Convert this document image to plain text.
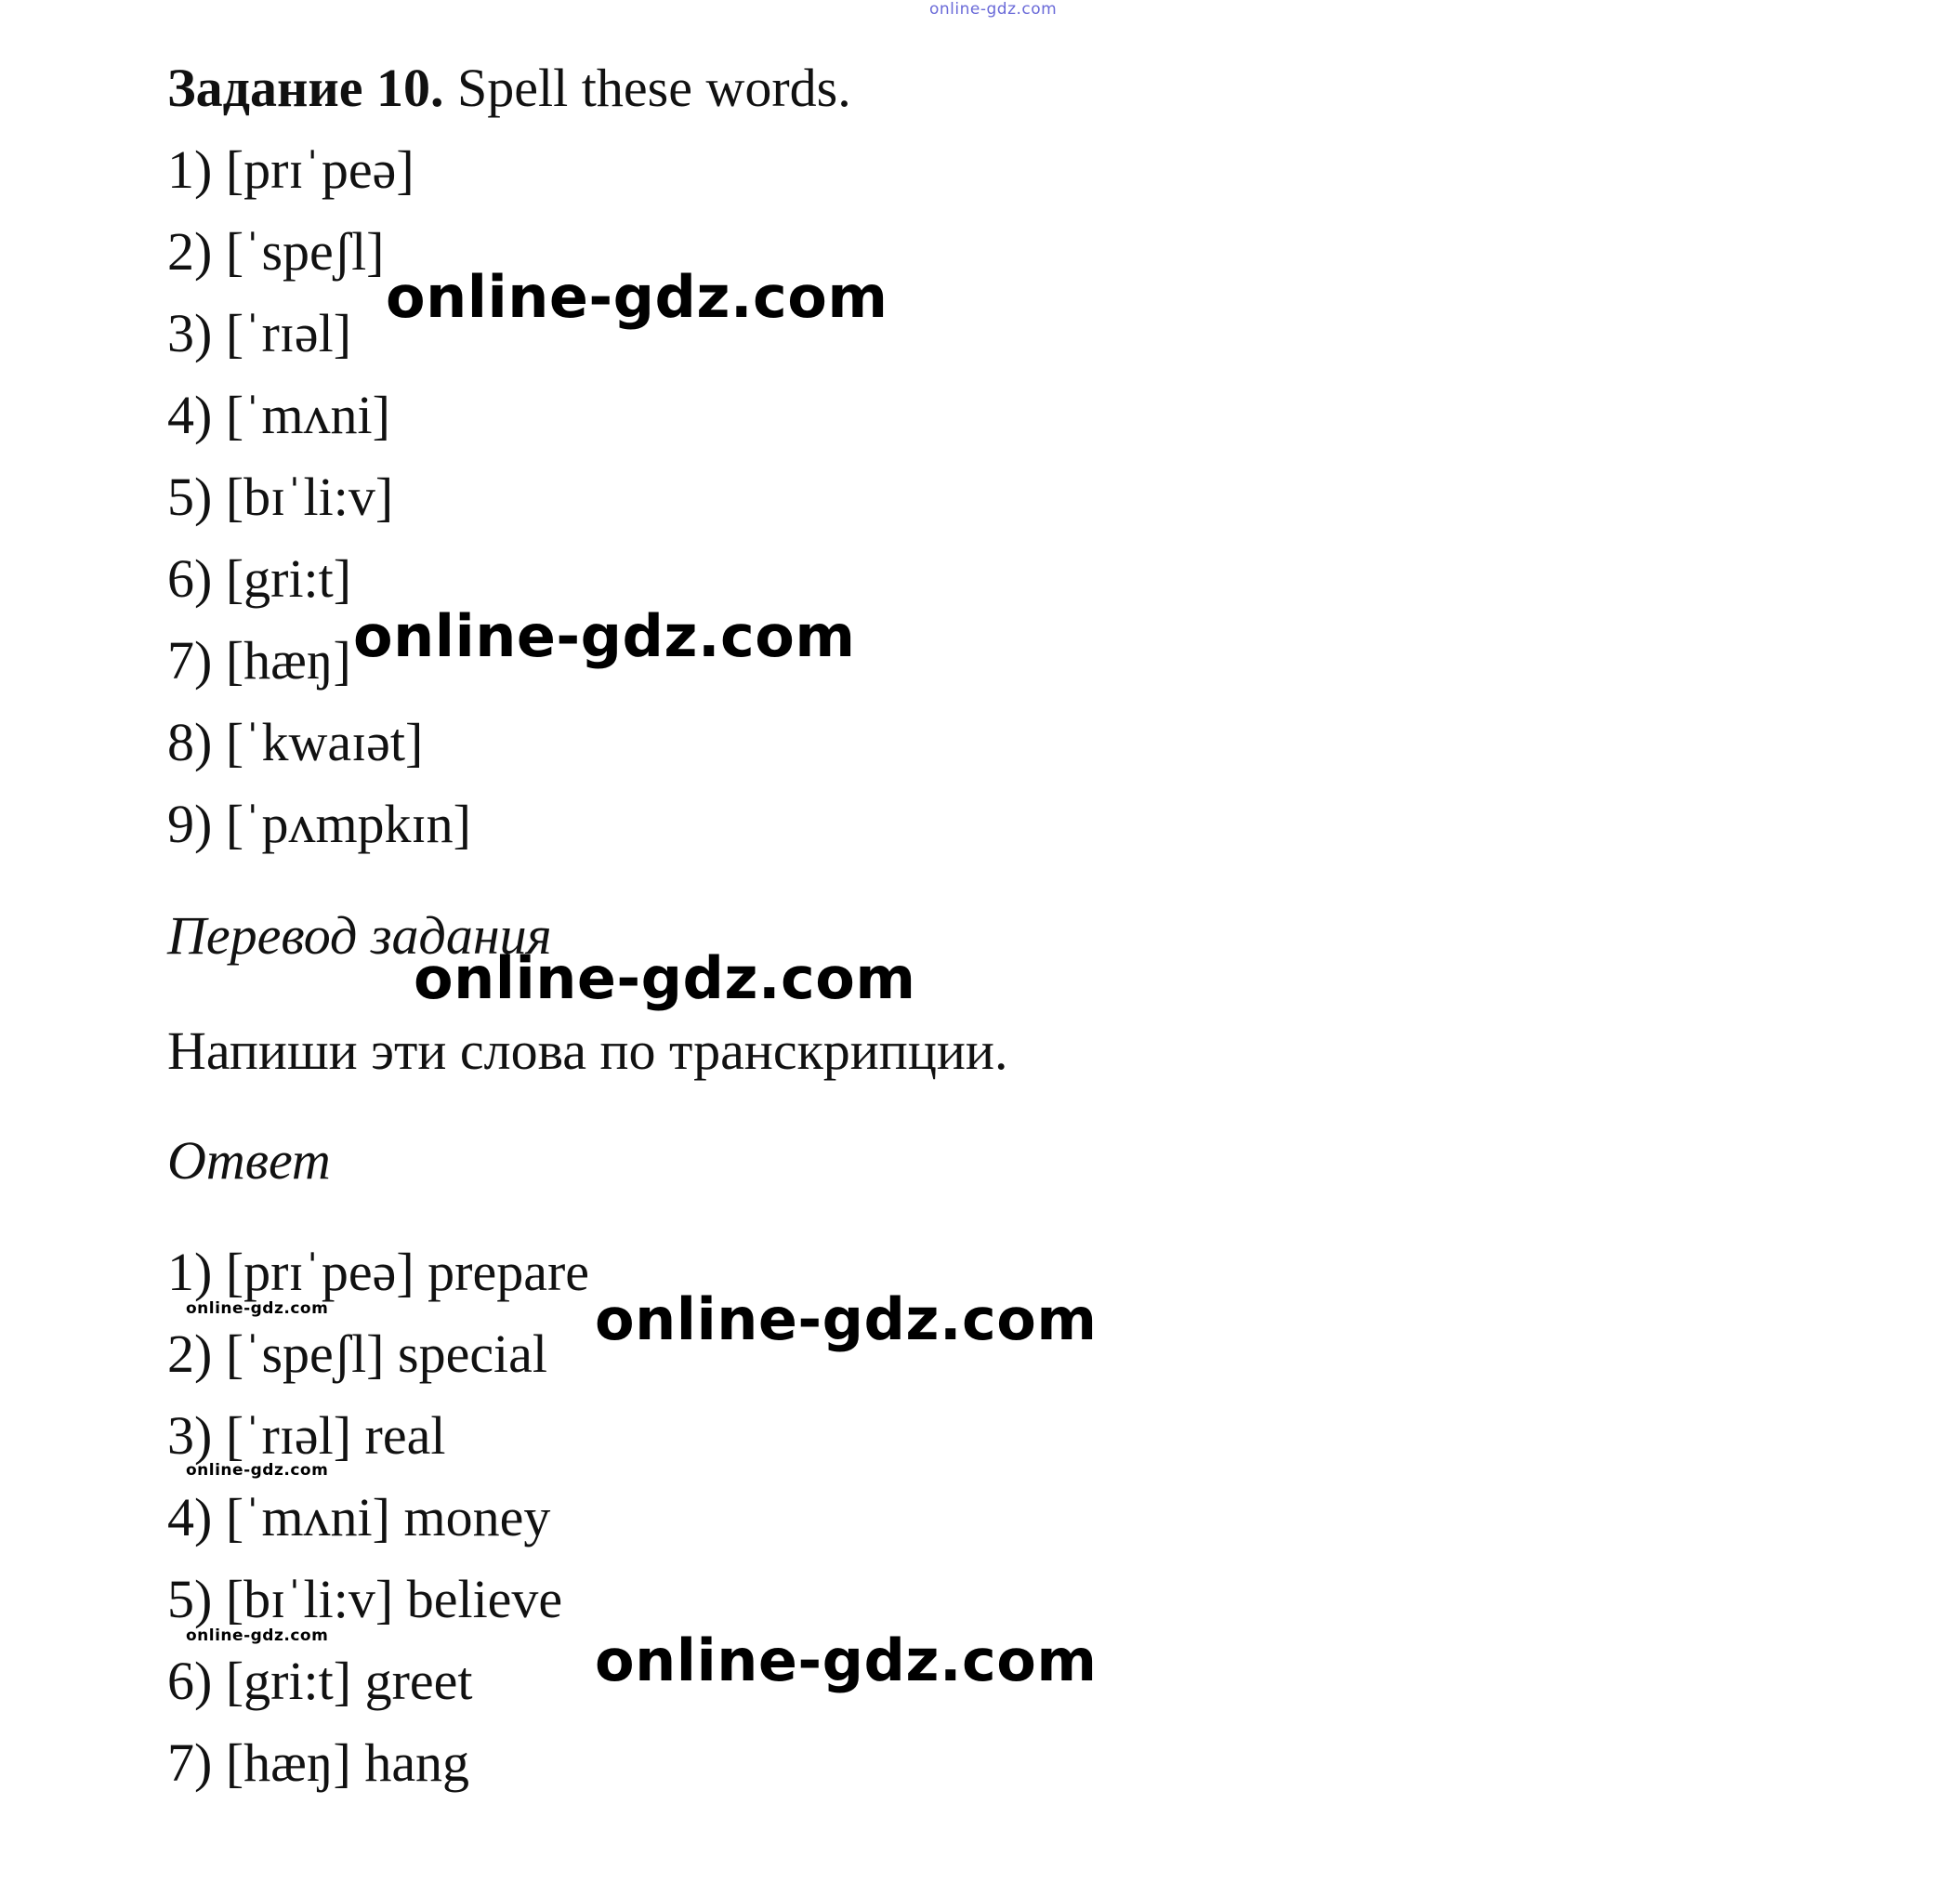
Задание 10. Spell these words.

1) [prɪˈpeə]

2) [ˈspeʃl]

3) [ˈrɪəl]

4) [ˈmʌni]

5) [bɪˈli:v]

6) [gri:t]

7) [hæŋ]

8) [ˈkwaɪət]

9) [ˈpʌmpkɪn]

Перевод задания

Напиши эти слова по транскрипции.

Ответ

1) [prɪˈpeə] prepare

2) [ˈspeʃl] special

3) [ˈrɪəl] real

4) [ˈmʌni] money

5) [bɪˈli:v] believe

6) [gri:t] greet

7) [hæŋ] hang

online-gdz.com
online-gdz.com
online-gdz.com
online-gdz.com
online-gdz.com
online-gdz.com
online-gdz.com
online-gdz.com
online-gdz.com
